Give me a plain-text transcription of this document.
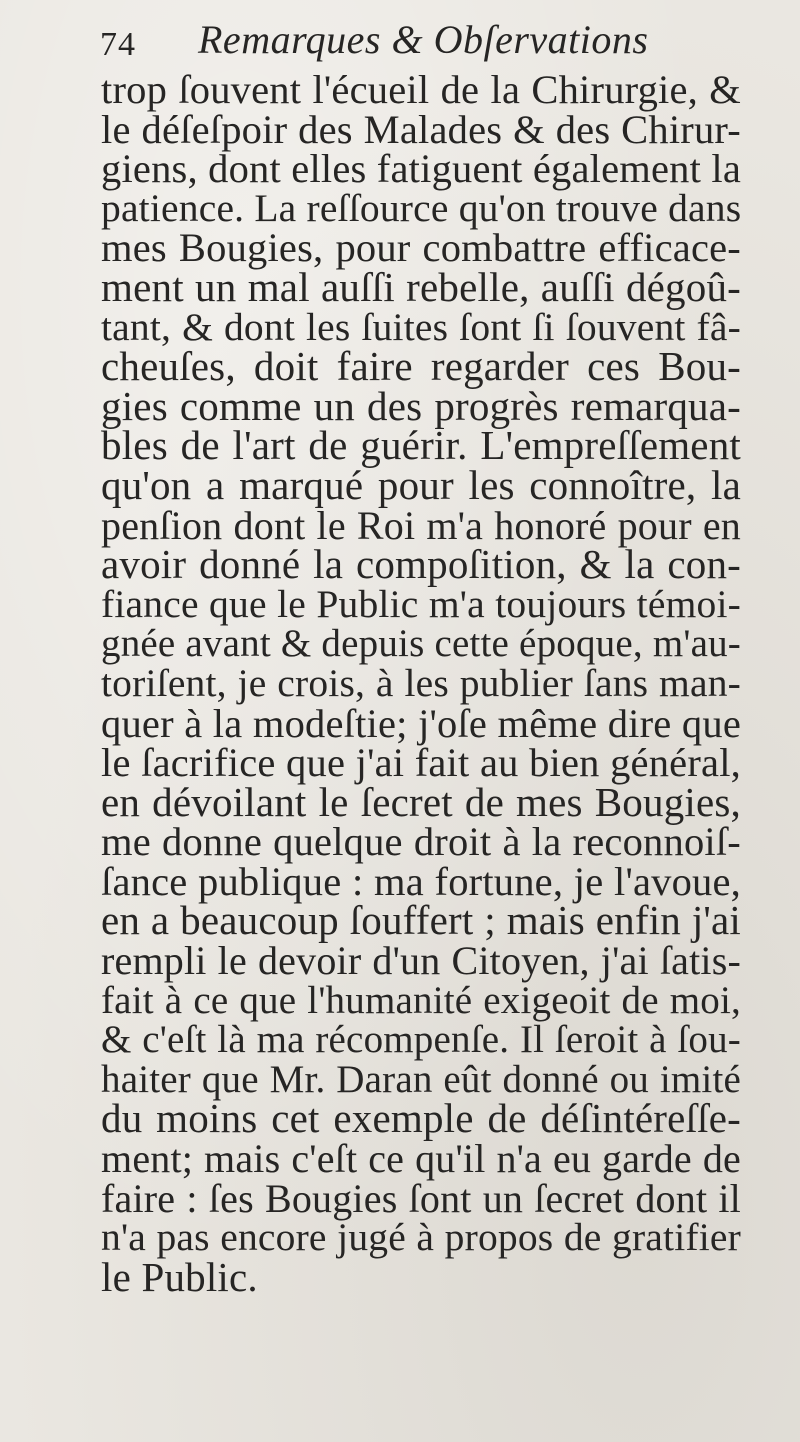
74 Remarques & Obſervations
trop ſouvent l'écueil de la Chirurgie, &
le déſeſpoir des Malades & des Chirur-
giens, dont elles fatiguent également la
patience. La reſſource qu'on trouve dans
mes Bougies, pour combattre efficace-
ment un mal auſſi rebelle, auſſi dégoû-
tant, & dont les ſuites ſont ſi ſouvent fâ-
cheuſes, doit faire regarder ces Bou-
gies comme un des progrès remarqua-
bles de l'art de guérir. L'empreſſement
qu'on a marqué pour les connoître, la
penſion dont le Roi m'a honoré pour en
avoir donné la compoſition, & la con-
fiance que le Public m'a toujours témoi-
gnée avant & depuis cette époque, m'au-
toriſent, je crois, à les publier ſans man-
quer à la modeſtie; j'oſe même dire que
le ſacrifice que j'ai fait au bien général,
en dévoilant le ſecret de mes Bougies,
me donne quelque droit à la reconnoiſ-
ſance publique : ma fortune, je l'avoue,
en a beaucoup ſouffert ; mais enfin j'ai
rempli le devoir d'un Citoyen, j'ai ſatis-
fait à ce que l'humanité exigeoit de moi,
& c'eſt là ma récompenſe. Il ſeroit à ſou-
haiter que Mr. Daran eût donné ou imité
du moins cet exemple de déſintéreſſe-
ment; mais c'eſt ce qu'il n'a eu garde de
faire : ſes Bougies ſont un ſecret dont il
n'a pas encore jugé à propos de gratifier
le Public.
